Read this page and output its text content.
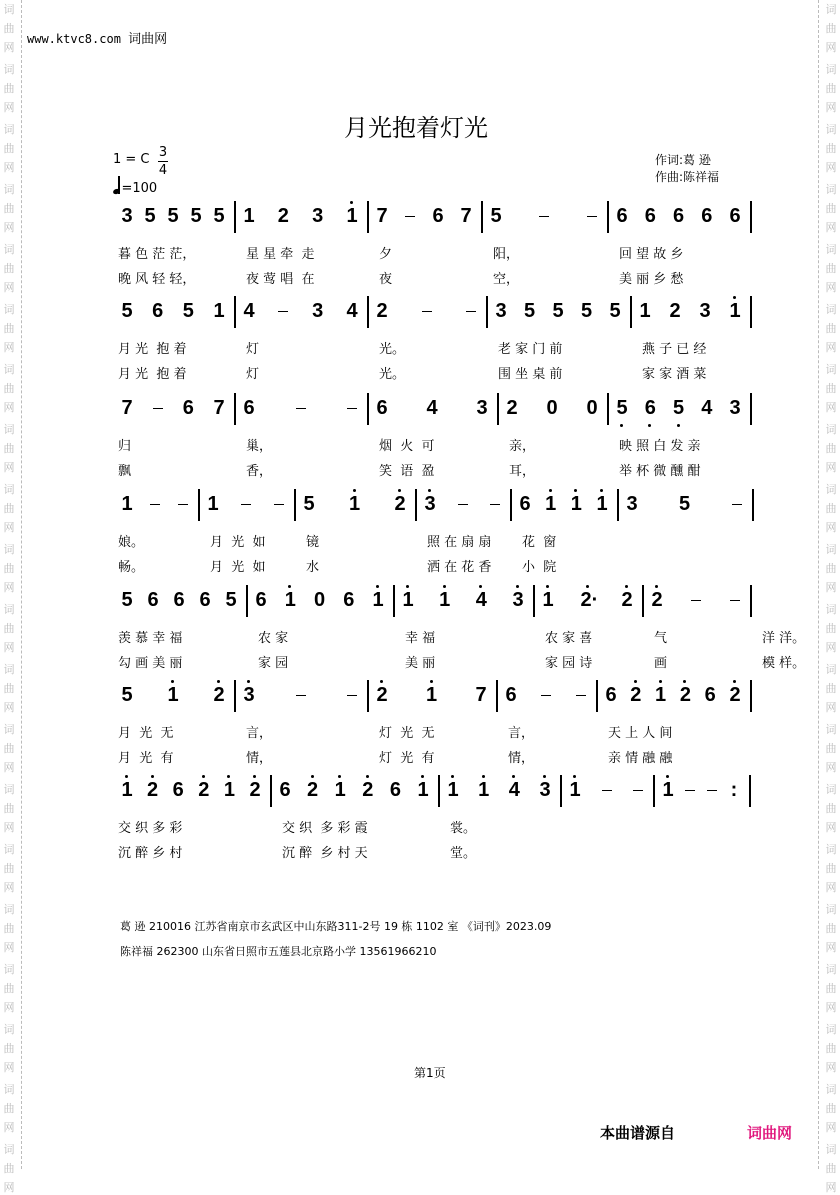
词
曲
网
词
曲
网
词
曲
网
词
曲
网
词
曲
网
词
曲
网
词
曲
网
词
曲
网
词
曲
网
词
曲
网
词
曲
网
词
曲
网
词
曲
网
词
曲
网
词
曲
网
词
曲
网
词
曲
网
词
曲
网
词
曲
网
词
曲
网
词
曲
网
词
曲
网
词
曲
网
词
曲
网
词
曲
网
词
曲
网
词
曲
网
词
曲
网
词
曲
网
词
曲
网
词
曲
网
词
曲
网
词
曲
网
词
曲
网
词
曲
网
词
曲
网
词
曲
网
词
曲
网
词
曲
网
词
曲
网
www.ktvc8.com 词曲网
月光抱着灯光
1 = C 3
4
=100
作词:葛 逊
作曲:陈祥福
3 5 5 5 5 1 2 3 1 7 6 7 5	6 6 6 6 6
暮 色 茫 茫，	星 星 牵  走	夕	阳，	回 望 故 乡
晚 风 轻 轻，	夜 莺 唱  在	夜	空，	美 丽 乡 愁
5 6 5 1 4	3 4 2	3 5 5 5 5 1 2 3 1
月 光  抱 着	灯	光。	老 家 门 前	燕 子 已 经
月 光  抱 着	灯	光。	围 坐 桌 前	家 家 酒 菜
7	6 7 6	6 4 3 2 0 0 5 6 5 4 3
归	巢，	烟  火  可	亲，	映 照 白 发 亲
飘	香，	笑  语  盈	耳，	举 杯 微 醺 酣
1	1	5 1 2 3	6 1 1 1 3 5
娘。	月  光  如	镜	照 在 扇 扇 花  窗
畅。	月  光  如	水	洒 在 花 香 小  院
5 6 6 6 5 6 1 0 6 1 1 1 4 3 1 2· 2 2
羡 慕 幸 福	农 家	幸 福	农 家 喜	气	洋 洋。
勾 画 美 丽	家 园	美 丽	家 园 诗	画	模 样。
5 1 2 3	2 1 7 6	6 2 1 2 6 2
月  光  无	言，	灯  光  无	言，	天 上 人 间
月  光  有	情，	灯  光  有	情，	亲 情 融 融
1 2 6 2 1 2 6 2 1 2 6 1 1 1 4 3 1	1	:
交 织 多 彩	交 织  多 彩 霞	裳。
沉 醉 乡 村	沉 醉  乡 村 天	堂。
葛 逊 210016 江苏省南京市玄武区中山东路311-2号 19 栋 1102 室 《词刊》2023.09
陈祥福 262300 山东省日照市五莲县北京路小学 13561966210
第1页
本曲谱源自	词曲网
